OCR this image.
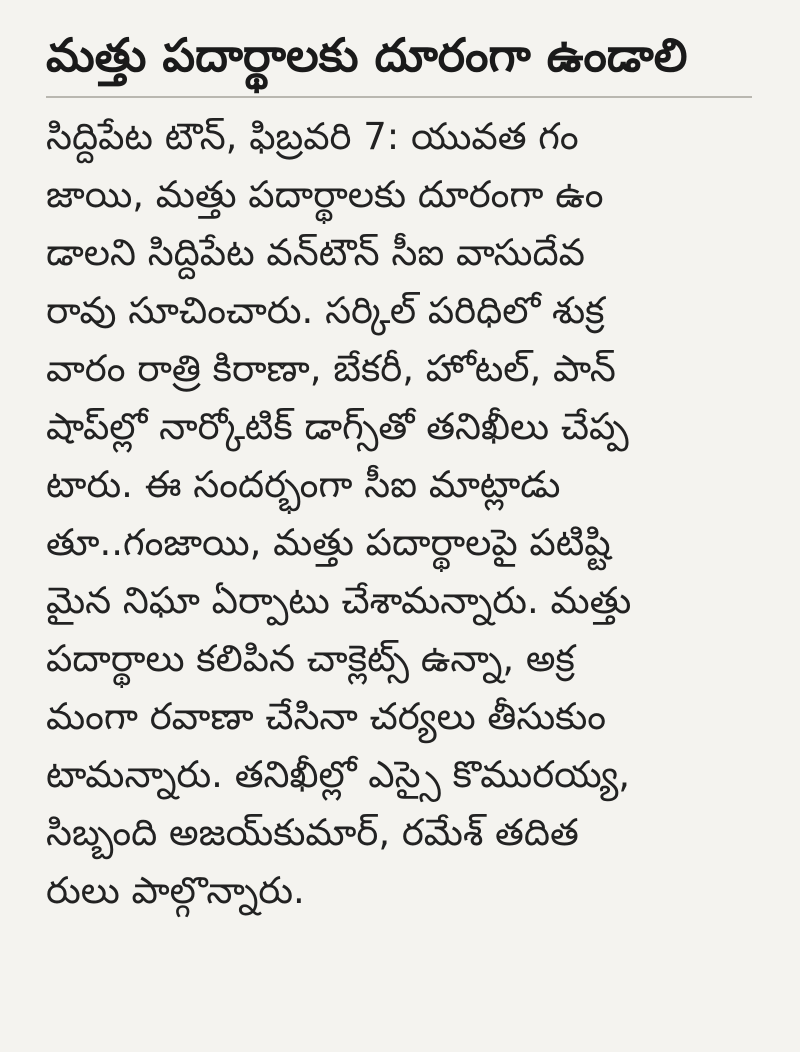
మత్తు పదార్థాలకు దూరంగా ఉండాలి
సిద్దిపేట టౌన్, ఫిబ్రవరి 7: యువత గం
జాయి, మత్తు పదార్థాలకు దూరంగా ఉం
డాలని సిద్దిపేట వన్‌టౌన్ సీఐ వాసుదేవ
రావు సూచించారు. సర్కిల్ పరిధిలో శుక్ర
వారం రాత్రి కిరాణా, బేకరీ, హోటల్, పాన్
షాప్‌ల్లో నార్కోటిక్ డాగ్స్‌తో తనిఖీలు చేప్ప
టారు. ఈ సందర్భంగా సీఐ మాట్లాడు
తూ..గంజాయి, మత్తు పదార్థాలపై పటిష్టి
మైన నిఘా ఏర్పాటు చేశామన్నారు. మత్తు
పదార్థాలు కలిపిన చాక్లెట్స్ ఉన్నా, అక్ర
మంగా రవాణా చేసినా చర్యలు తీసుకుం
టామన్నారు. తనిఖీల్లో ఎస్సై కొమురయ్య,
సిబ్బంది అజయ్‌కుమార్, రమేశ్ తదిత
రులు పాల్గొన్నారు.
